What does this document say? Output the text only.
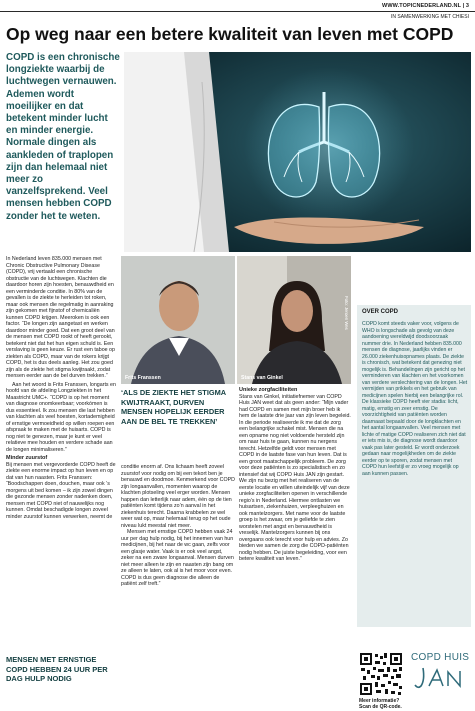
WWW.TOPICNEDERLAND.NL | 3
IN SAMENWERKING MET CHIESI
Op weg naar een betere kwaliteit van leven met COPD

COPD is een chronische longziekte waarbij de luchtwegen vernauwen. Ademen wordt moeilijker en dat betekent minder lucht en minder energie. Normale dingen als aankleden of traplopen zijn dan helemaal niet meer zo vanzelfsprekend. Veel mensen hebben COPD zonder het te weten.

In Nederland leven 835.000 mensen met Chronic Obstructive Pulmonary Disease (COPD), vrij vertaald een chronische obstructie van de luchtwegen. Klachten die daardoor horen zijn hoesten, benauwdheid en een verminderde conditie. In 80% van de gevallen is de ziekte te herleiden tot roken, maar ook mensen die regelmatig in aanraking zijn gekomen met fijnstof of chemicaliën kunnen COPD krijgen. Meeroken is ook een factor. “De longen zijn aangetast en werken daardoor minder goed. Dat een groot deel van de mensen met COPD rookt of heeft gerookt, betekent niet dat het hun eigen schuld is. Een verslaving is geen keuze. Er rust een taboe op ziekten als COPD, maar van de rokers krijgt COPD, het is dus deels aanleg. Het zou goed zijn als de ziekte het stigma kwijtraakt, zodat mensen eerder aan de bel durven trekken.”

Aan het woord is Frits Franssen, longarts en hoofd van de afdeling Longziekten in het Maastricht UMC+. “COPD is op het moment van diagnose onomkeerbaar; voorkómen is dus essentieel. Ik zou mensen die last hebben van klachten als veel hoesten, kortademigheid of ernstige vermoeidheid op willen roepen een afspraak te maken met de huisarts. COPD is nog niet te genezen, maar je kunt er veel relatieve mee houden en verdere schade aan de longen minimaliseren.”

Minder zuurstof

Bij mensen met vergevorderde COPD heeft de ziekte een enorme impact op hun leven en op dat van hun naasten. Frits Franssen: “Boodschappen doen, douchen, maar ook ’s morgens uit bed komen – ik zijn zowel dingen die gezonde mensen zonder nadenken doen, mensen met COPD niet of nauwelijks nog kunnen. Omdat beschadigde longen zoveel minder zuurstof kunnen verwerken, neemt de

MENSEN MET ERNSTIGE COPD HEBBEN 24 UUR PER DAG HULP NODIG

Frits Franssen	Stans van Ginkel
Foto: Jeroen Wes

‘ALS DE ZIEKTE HET STIGMA KWIJTRAAKT, DURVEN MENSEN HOPELIJK EERDER AAN DE BEL TE TREKKEN’

conditie enorm af. Ons lichaam heeft zoveel zuurstof voor nodig om bij een tekort ben je benauwd en doodmoe. Kenmerkend voor COPD zijn longaanvallen, momenten waarop de klachten plotseling veel erger worden. Mensen happen dan letterlijk naar adem, één op de tien patiënten komt tijdens zo’n aanval in het ziekenhuis terecht. Daarna krabbelen ze wel weer wat op, maar helemaal terug op het oude niveau lukt meestal niet meer.

Mensen met ernstige COPD hebben vaak 24 uur per dag hulp nodig, bij het innemen van hun medicijnen, bij het naar de wc gaan, zelfs voor een glasje water. Vaak is er ook veel angst, zeker na een zware longaanval. Mensen durven niet meer alleen te zijn en naasten zijn bang om ze alleen te laten, ook al is het moor voor even. COPD is dus geen diagnose die alleen de patiënt zelf treft.”

Unieke zorgfaciliteiten

Stans van Ginkel, initiatiefnemer van COPD Huis JAN weet dat als geen ander: “Mijn vader had COPD en samen met mijn broer heb ik hem de laatste drie jaar van zijn leven begeleid. In die periode realiseerde ik me dat de zorg een belangrijke schakel mist. Mensen die na een opname nog niet voldoende hersteld zijn om naar huis te gaan, kunnen nu nergens terecht. Hetzelfde geldt voor mensen met COPD in de laatste fase van hun leven. Dat is een groot maatschappelijk probleem. De zorg voor deze patiënten is zo specialistisch en zo intensief dat wij COPD Huis JAN zijn gestart. We zijn nu bezig met het realiseren van de eerste locatie en willen uiteindelijk vijf van deze unieke zorgfaciliteiten openen in verschillende regio’s in Nederland. Hiermee ontlasten we huisartsen, ziekenhuizen, verpleeghuizen en ook mantelzorgers. Met name voor de laatste groep is het zwaar, om je geliefde te zien worstelen met angst en benauwdheid is vreselijk. Mantelzorgers kunnen bij ons overgaans ook terecht voor hulp en advies. Zo bieden we samen de zorg die COPD-patiënten nodig hebben. De juiste begeleiding, voor een betere kwaliteit van leven.”

OVER COPD

COPD komt steeds vaker voor, volgens de WHO is longschade als gevolg van deze aandoening wereldwijd doodsoorzaak nummer drie. In Nederland hebben 835.000 mensen de diagnose, jaarlijks vinden er 26.000 ziekenhuisopnames plaats. De ziekte is chronisch, wat betekent dat genezing niet mogelijk is. Behandelingen zijn gericht op het verminderen van klachten en het voorkomen van verdere verslechtering van de longen. Het vermijden van prikkels en het gebruik van medicijnen spelen hierbij een belangrijke rol. De klassieke COPD heeft vier stadia: licht, matig, ernstig en zeer ernstig. De voorzichtigheid van patiënten worden daarnaast bepaald door de longklachten en het aantal longaanvallen. Veel mensen met lichte of matige COPD realiseren zich niet dat er iets mis is, de diagnose wordt daardoor vaak pas later gesteld. Er wordt onderzoek gedaan naar mogelijkheden om de ziekte eerder op te sporen, zodat mensen met COPD hun leefstijl er zo vroeg mogelijk op aan kunnen passen.

COPD HUIS

Meer informatie?
Scan de QR-code.
